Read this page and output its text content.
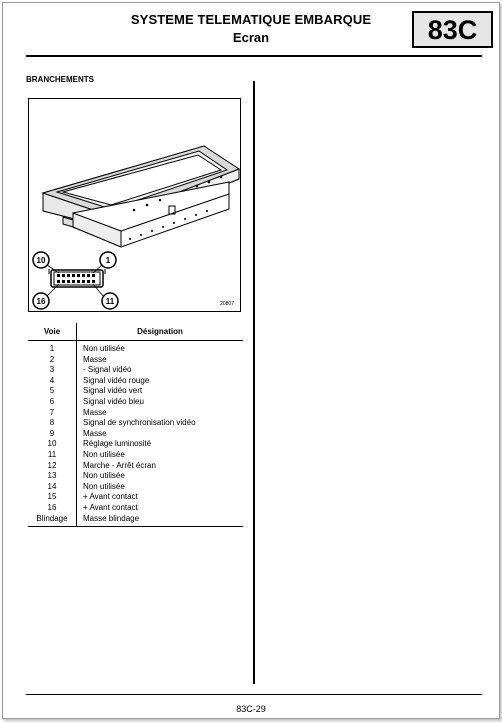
SYSTEME TELEMATIQUE EMBARQUE
Ecran	83C
BRANCHEMENTS
10	1
16	11	20807
Voie	Désignation
1	Non utilisée
2	Masse
3	- Signal vidéo
4	Signal vidéo rouge
5	Signal vidéo vert
6	Signal vidéo bleu
7	Masse
8	Signal de synchronisation vidéo
9	Masse
10	Réglage luminosité
11	Non utilisée
12	Marche - Arrêt écran
13	Non utilisée
14	Non utilisée
15	+ Avant contact
16	+ Avant contact
Blindage	Masse blindage
83C-29
